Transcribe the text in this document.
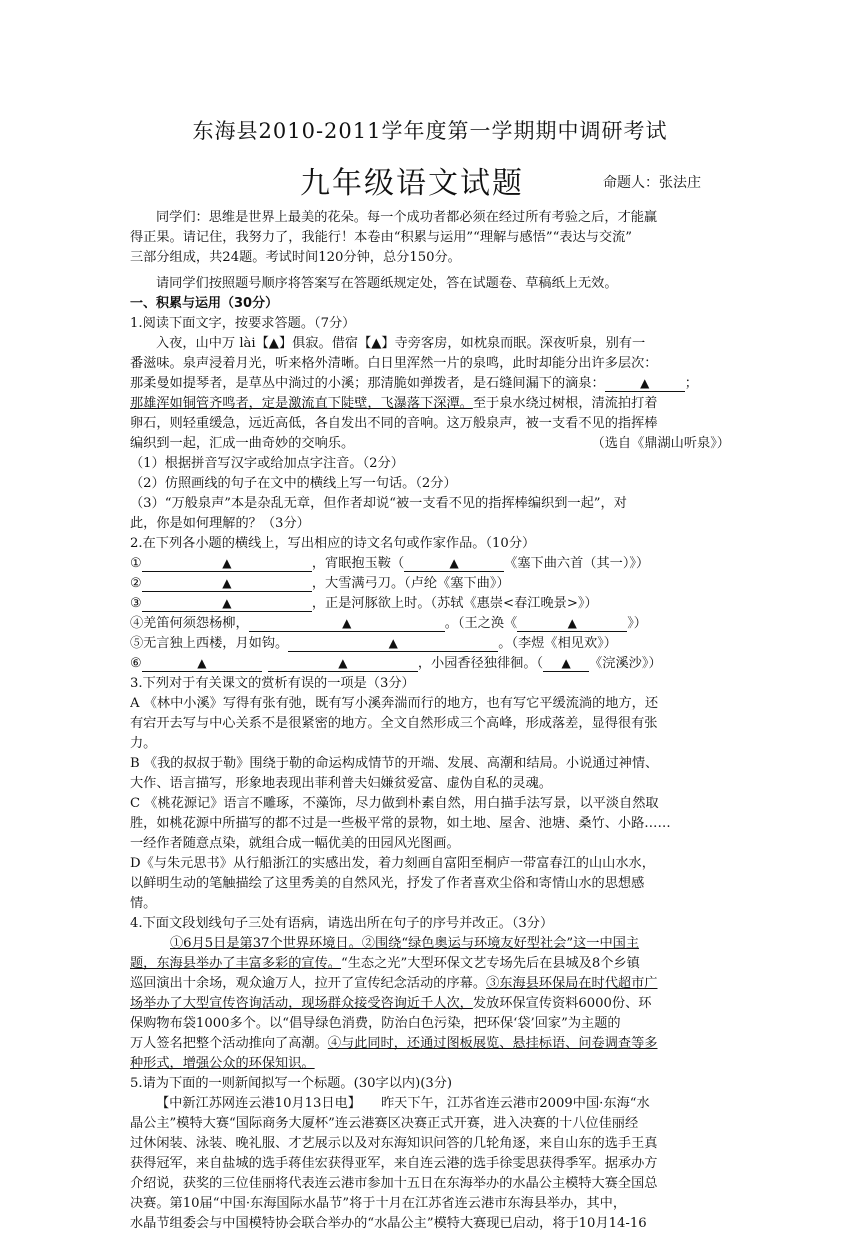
东海县2010-2011学年度第一学期期中调研考试
九年级语文试题	命题人：张法庄
同学们：思维是世界上最美的花朵。每一个成功者都必须在经过所有考验之后，才能赢
得正果。请记住，我努力了，我能行！本卷由“积累与运用”“理解与感悟”“表达与交流”
三部分组成，共24题。考试时间120分钟，总分150分。
请同学们按照题号顺序将答案写在答题纸规定处，答在试题卷、草稿纸上无效。
一、积累与运用（30分）
1.阅读下面文字，按要求答题。（7分）
入夜，山中万 lài【▲】俱寂。借宿【▲】寺旁客房，如枕泉而眠。深夜听泉，别有一
番滋味。泉声浸着月光，听来格外清晰。白日里浑然一片的泉鸣，此时却能分出许多层次：
那柔曼如提琴者，是草丛中淌过的小溪；那清脆如弹拨者，是石缝间漏下的滴泉：	▲	；
那雄浑如铜管齐鸣者，定是激流直下陡壁，飞瀑落下深潭。至于泉水绕过树根，清流拍打着
卵石，则轻重缓急，远近高低，各自发出不同的音响。这万般泉声，被一支看不见的指挥棒
编织到一起，汇成一曲奇妙的交响乐。	（选自《鼎湖山听泉》）
（1）根据拼音写汉字或给加点字注音。（2分）
（2）仿照画线的句子在文中的横线上写一句话。（2分）
（3）“万般泉声”本是杂乱无章，但作者却说“被一支看不见的指挥棒编织到一起”，对
此，你是如何理解的？（3分）
2.在下列各小题的横线上，写出相应的诗文名句或作家作品。（10分）
①	▲	，宵眠抱玉鞍（	▲	《塞下曲六首（其一）》）
②	▲	，大雪满弓刀。（卢纶《塞下曲》）
③	▲	，正是河豚欲上时。（苏轼《惠崇<春江晚景>》）
④羌笛何须怨杨柳，	▲	。（王之涣《	▲	》）
⑤无言独上西楼，月如钩。	▲	。（李煜《相见欢》）
⑥	▲	▲	，小园香径独徘徊。（ ▲ 《浣溪沙》）
3.下列对于有关课文的赏析有误的一项是（3分）
A 《林中小溪》写得有张有弛，既有写小溪奔湍而行的地方，也有写它平缓流淌的地方，还
有宕开去写与中心关系不是很紧密的地方。全文自然形成三个高峰，形成落差，显得很有张
力。
B 《我的叔叔于勒》围绕于勒的命运构成情节的开端、发展、高潮和结局。小说通过神情、
大作、语言描写，形象地表现出菲利普夫妇嫌贫爱富、虚伪自私的灵魂。
C 《桃花源记》语言不雕琢，不藻饰，尽力做到朴素自然，用白描手法写景，以平淡自然取
胜，如桃花源中所描写的都不过是一些极平常的景物，如土地、屋舍、池塘、桑竹、小路……
一经作者随意点染，就组合成一幅优美的田园风光图画。
D《与朱元思书》从行船浙江的实感出发，着力刻画自富阳至桐庐一带富春江的山山水水，
以鲜明生动的笔触描绘了这里秀美的自然风光，抒发了作者喜欢尘俗和寄情山水的思想感
情。
4.下面文段划线句子三处有语病，请选出所在句子的序号并改正。（3分）
①6月5日是第37个世界环境日。②围绕“绿色奥运与环境友好型社会”这一中国主
题，东海县举办了丰富多彩的宣传。“生态之光”大型环保文艺专场先后在县城及8个乡镇
巡回演出十余场，观众逾万人，拉开了宣传纪念活动的序幕。③东海县环保局在时代超市广
场举办了大型宣传咨询活动，现场群众接受咨询近千人次，发放环保宣传资料6000份、环
保购物布袋1000多个。以“倡导绿色消费，防治白色污染，把环保‘袋’回家”为主题的
万人签名把整个活动推向了高潮。④与此同时，还通过图板展览、悬挂标语、问卷调查等多
种形式，增强公众的环保知识。
5.请为下面的一则新闻拟写一个标题。(30字以内)(3分)
【中新江苏网连云港10月13日电】 昨天下午，江苏省连云港市2009中国·东海“水
晶公主”模特大赛“国际商务大厦杯”连云港赛区决赛正式开赛，进入决赛的十八位佳丽经
过休闲装、泳装、晚礼服、才艺展示以及对东海知识问答的几轮角逐，来自山东的选手王真
获得冠军，来自盐城的选手蒋佳宏获得亚军，来自连云港的选手徐雯思获得季军。据承办方
介绍说，获奖的三位佳丽将代表连云港市参加十五日在东海举办的水晶公主模特大赛全国总
决赛。第10届“中国·东海国际水晶节”将于十月在江苏省连云港市东海县举办，其中，
水晶节组委会与中国模特协会联合举办的“水晶公主”模特大赛现已启动，将于10月14-16
